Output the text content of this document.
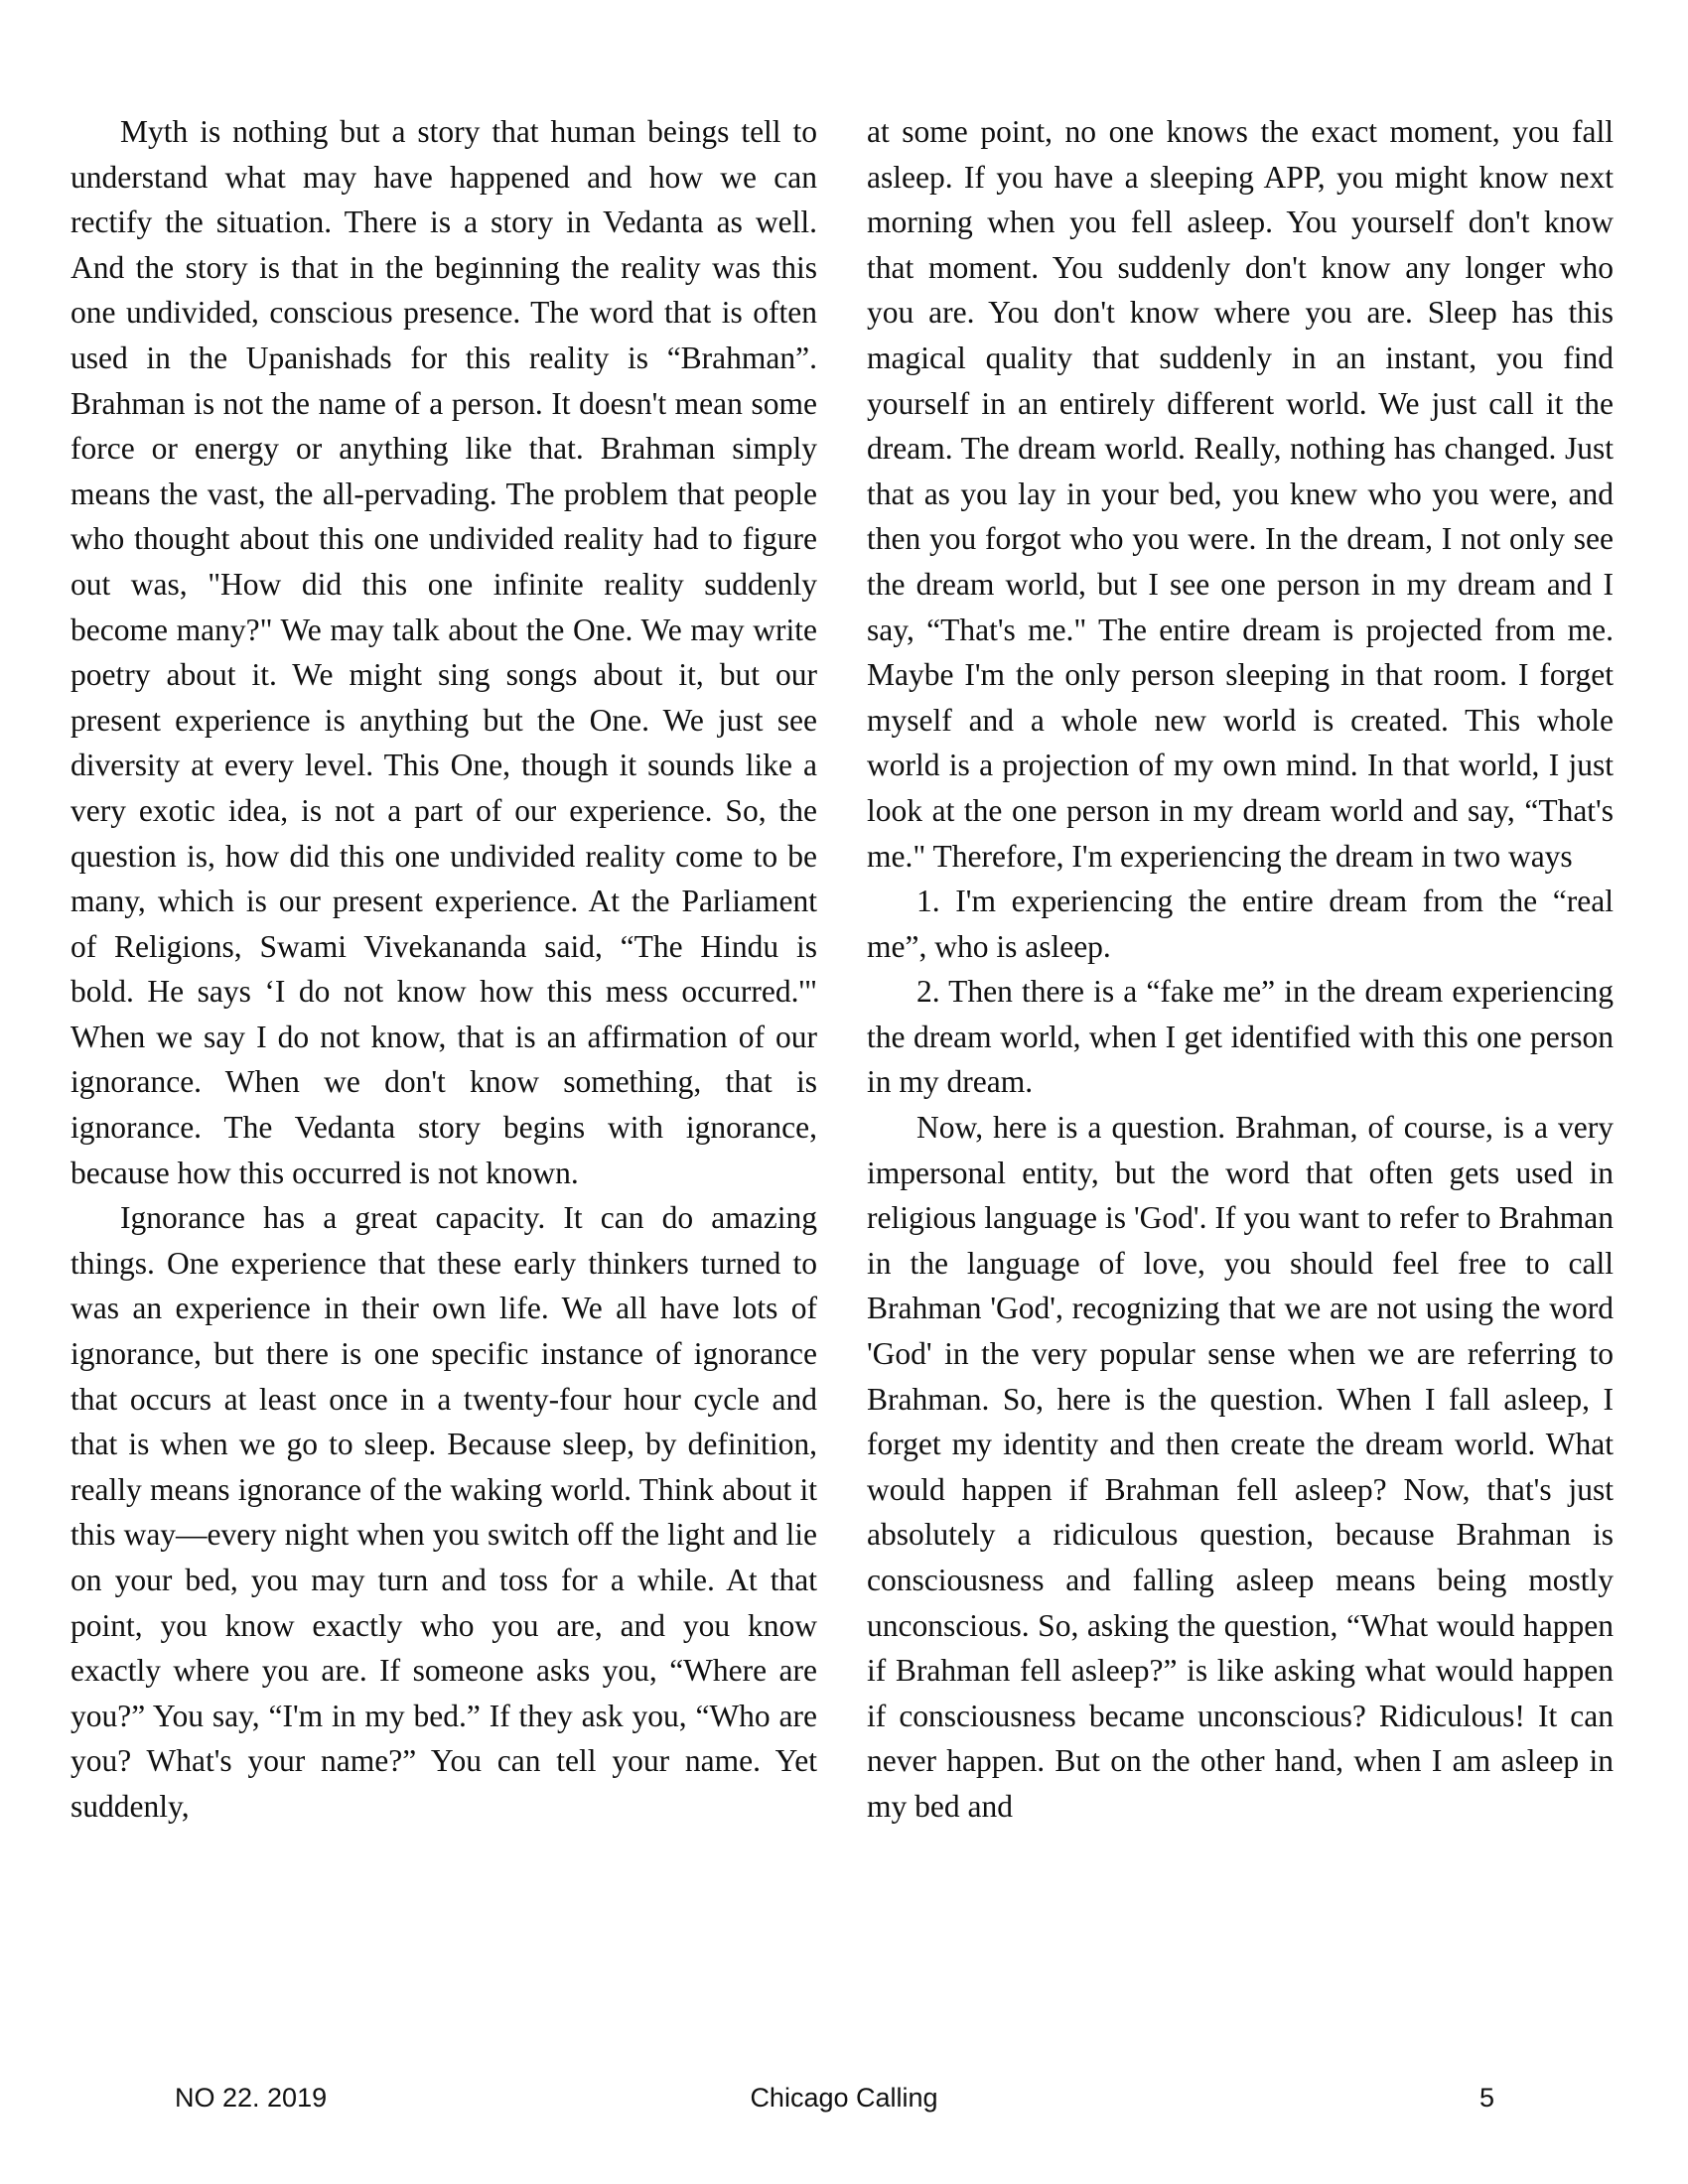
Myth is nothing but a story that human beings tell to understand what may have happened and how we can rectify the situation. There is a story in Vedanta as well. And the story is that in the beginning the reality was this one undivided, conscious presence. The word that is often used in the Upanishads for this reality is “Brahman”. Brahman is not the name of a person. It doesn't mean some force or energy or anything like that. Brahman simply means the vast, the all-pervading. The problem that people who thought about this one undivided reality had to figure out was, "How did this one infinite reality suddenly become many?" We may talk about the One. We may write poetry about it. We might sing songs about it, but our present experience is anything but the One. We just see diversity at every level. This One, though it sounds like a very exotic idea, is not a part of our experience. So, the question is, how did this one undivided reality come to be many, which is our present experience. At the Parliament of Religions, Swami Vivekananda said, “The Hindu is bold. He says ‘I do not know how this mess occurred.'" When we say I do not know, that is an affirmation of our ignorance. When we don't know something, that is ignorance. The Vedanta story begins with ignorance, because how this occurred is not known.

Ignorance has a great capacity. It can do amazing things. One experience that these early thinkers turned to was an experience in their own life. We all have lots of ignorance, but there is one specific instance of ignorance that occurs at least once in a twenty-four hour cycle and that is when we go to sleep. Because sleep, by definition, really means ignorance of the waking world. Think about it this way—every night when you switch off the light and lie on your bed, you may turn and toss for a while. At that point, you know exactly who you are, and you know exactly where you are. If someone asks you, “Where are you?” You say, “I'm in my bed.” If they ask you, “Who are you? What's your name?” You can tell your name. Yet suddenly,

at some point, no one knows the exact moment, you fall asleep. If you have a sleeping APP, you might know next morning when you fell asleep. You yourself don't know that moment. You suddenly don't know any longer who you are. You don't know where you are. Sleep has this magical quality that suddenly in an instant, you find yourself in an entirely different world. We just call it the dream. The dream world. Really, nothing has changed. Just that as you lay in your bed, you knew who you were, and then you forgot who you were. In the dream, I not only see the dream world, but I see one person in my dream and I say, “That's me." The entire dream is projected from me. Maybe I'm the only person sleeping in that room. I forget myself and a whole new world is created. This whole world is a projection of my own mind. In that world, I just look at the one person in my dream world and say, “That's me." Therefore, I'm experiencing the dream in two ways

1. I'm experiencing the entire dream from the “real me”, who is asleep.

2. Then there is a “fake me” in the dream experiencing the dream world, when I get identified with this one person in my dream.

Now, here is a question. Brahman, of course, is a very impersonal entity, but the word that often gets used in religious language is 'God'. If you want to refer to Brahman in the language of love, you should feel free to call Brahman 'God', recognizing that we are not using the word 'God' in the very popular sense when we are referring to Brahman. So, here is the question. When I fall asleep, I forget my identity and then create the dream world. What would happen if Brahman fell asleep? Now, that's just absolutely a ridiculous question, because Brahman is consciousness and falling asleep means being mostly unconscious. So, asking the question, “What would happen if Brahman fell asleep?” is like asking what would happen if consciousness became unconscious? Ridiculous! It can never happen. But on the other hand, when I am asleep in my bed and

Chicago Calling
NO 22. 2019	5
